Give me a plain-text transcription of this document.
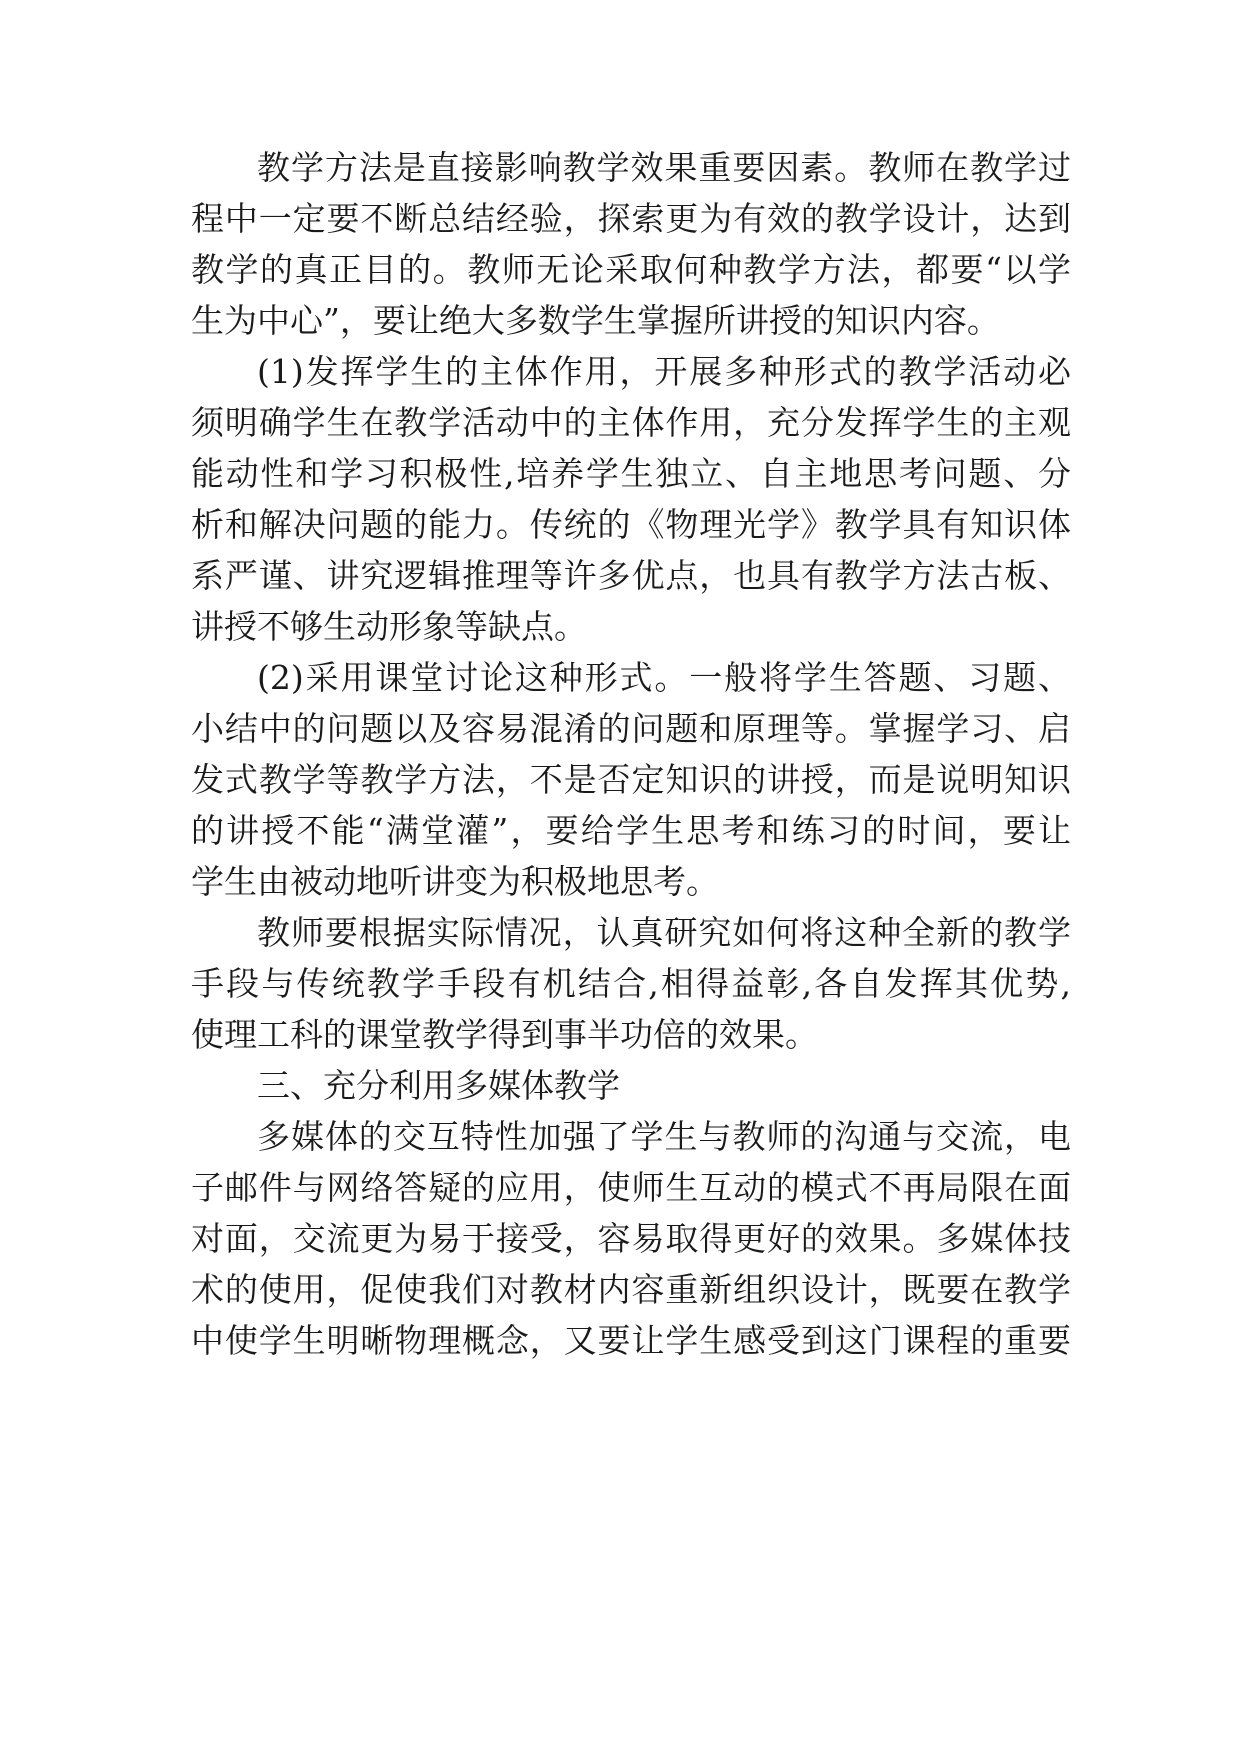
教学方法是直接影响教学效果重要因素。教师在教学过

程中一定要不断总结经验，探索更为有效的教学设计，达到

教学的真正目的。教师无论采取何种教学方法，都要“以学

生为中心”，要让绝大多数学生掌握所讲授的知识内容。

(1)发挥学生的主体作用，开展多种形式的教学活动必

须明确学生在教学活动中的主体作用，充分发挥学生的主观

能动性和学习积极性,培养学生独立、自主地思考问题、分

析和解决问题的能力。传统的《物理光学》教学具有知识体

系严谨、讲究逻辑推理等许多优点，也具有教学方法古板、

讲授不够生动形象等缺点。

(2)采用课堂讨论这种形式。一般将学生答题、习题、

小结中的问题以及容易混淆的问题和原理等。掌握学习、启

发式教学等教学方法，不是否定知识的讲授，而是说明知识

的讲授不能“满堂灌”，要给学生思考和练习的时间，要让

学生由被动地听讲变为积极地思考。

教师要根据实际情况，认真研究如何将这种全新的教学

手段与传统教学手段有机结合,相得益彰,各自发挥其优势,

使理工科的课堂教学得到事半功倍的效果。

三、充分利用多媒体教学

多媒体的交互特性加强了学生与教师的沟通与交流，电

子邮件与网络答疑的应用，使师生互动的模式不再局限在面

对面，交流更为易于接受，容易取得更好的效果。多媒体技

术的使用，促使我们对教材内容重新组织设计，既要在教学

中使学生明晰物理概念，又要让学生感受到这门课程的重要
